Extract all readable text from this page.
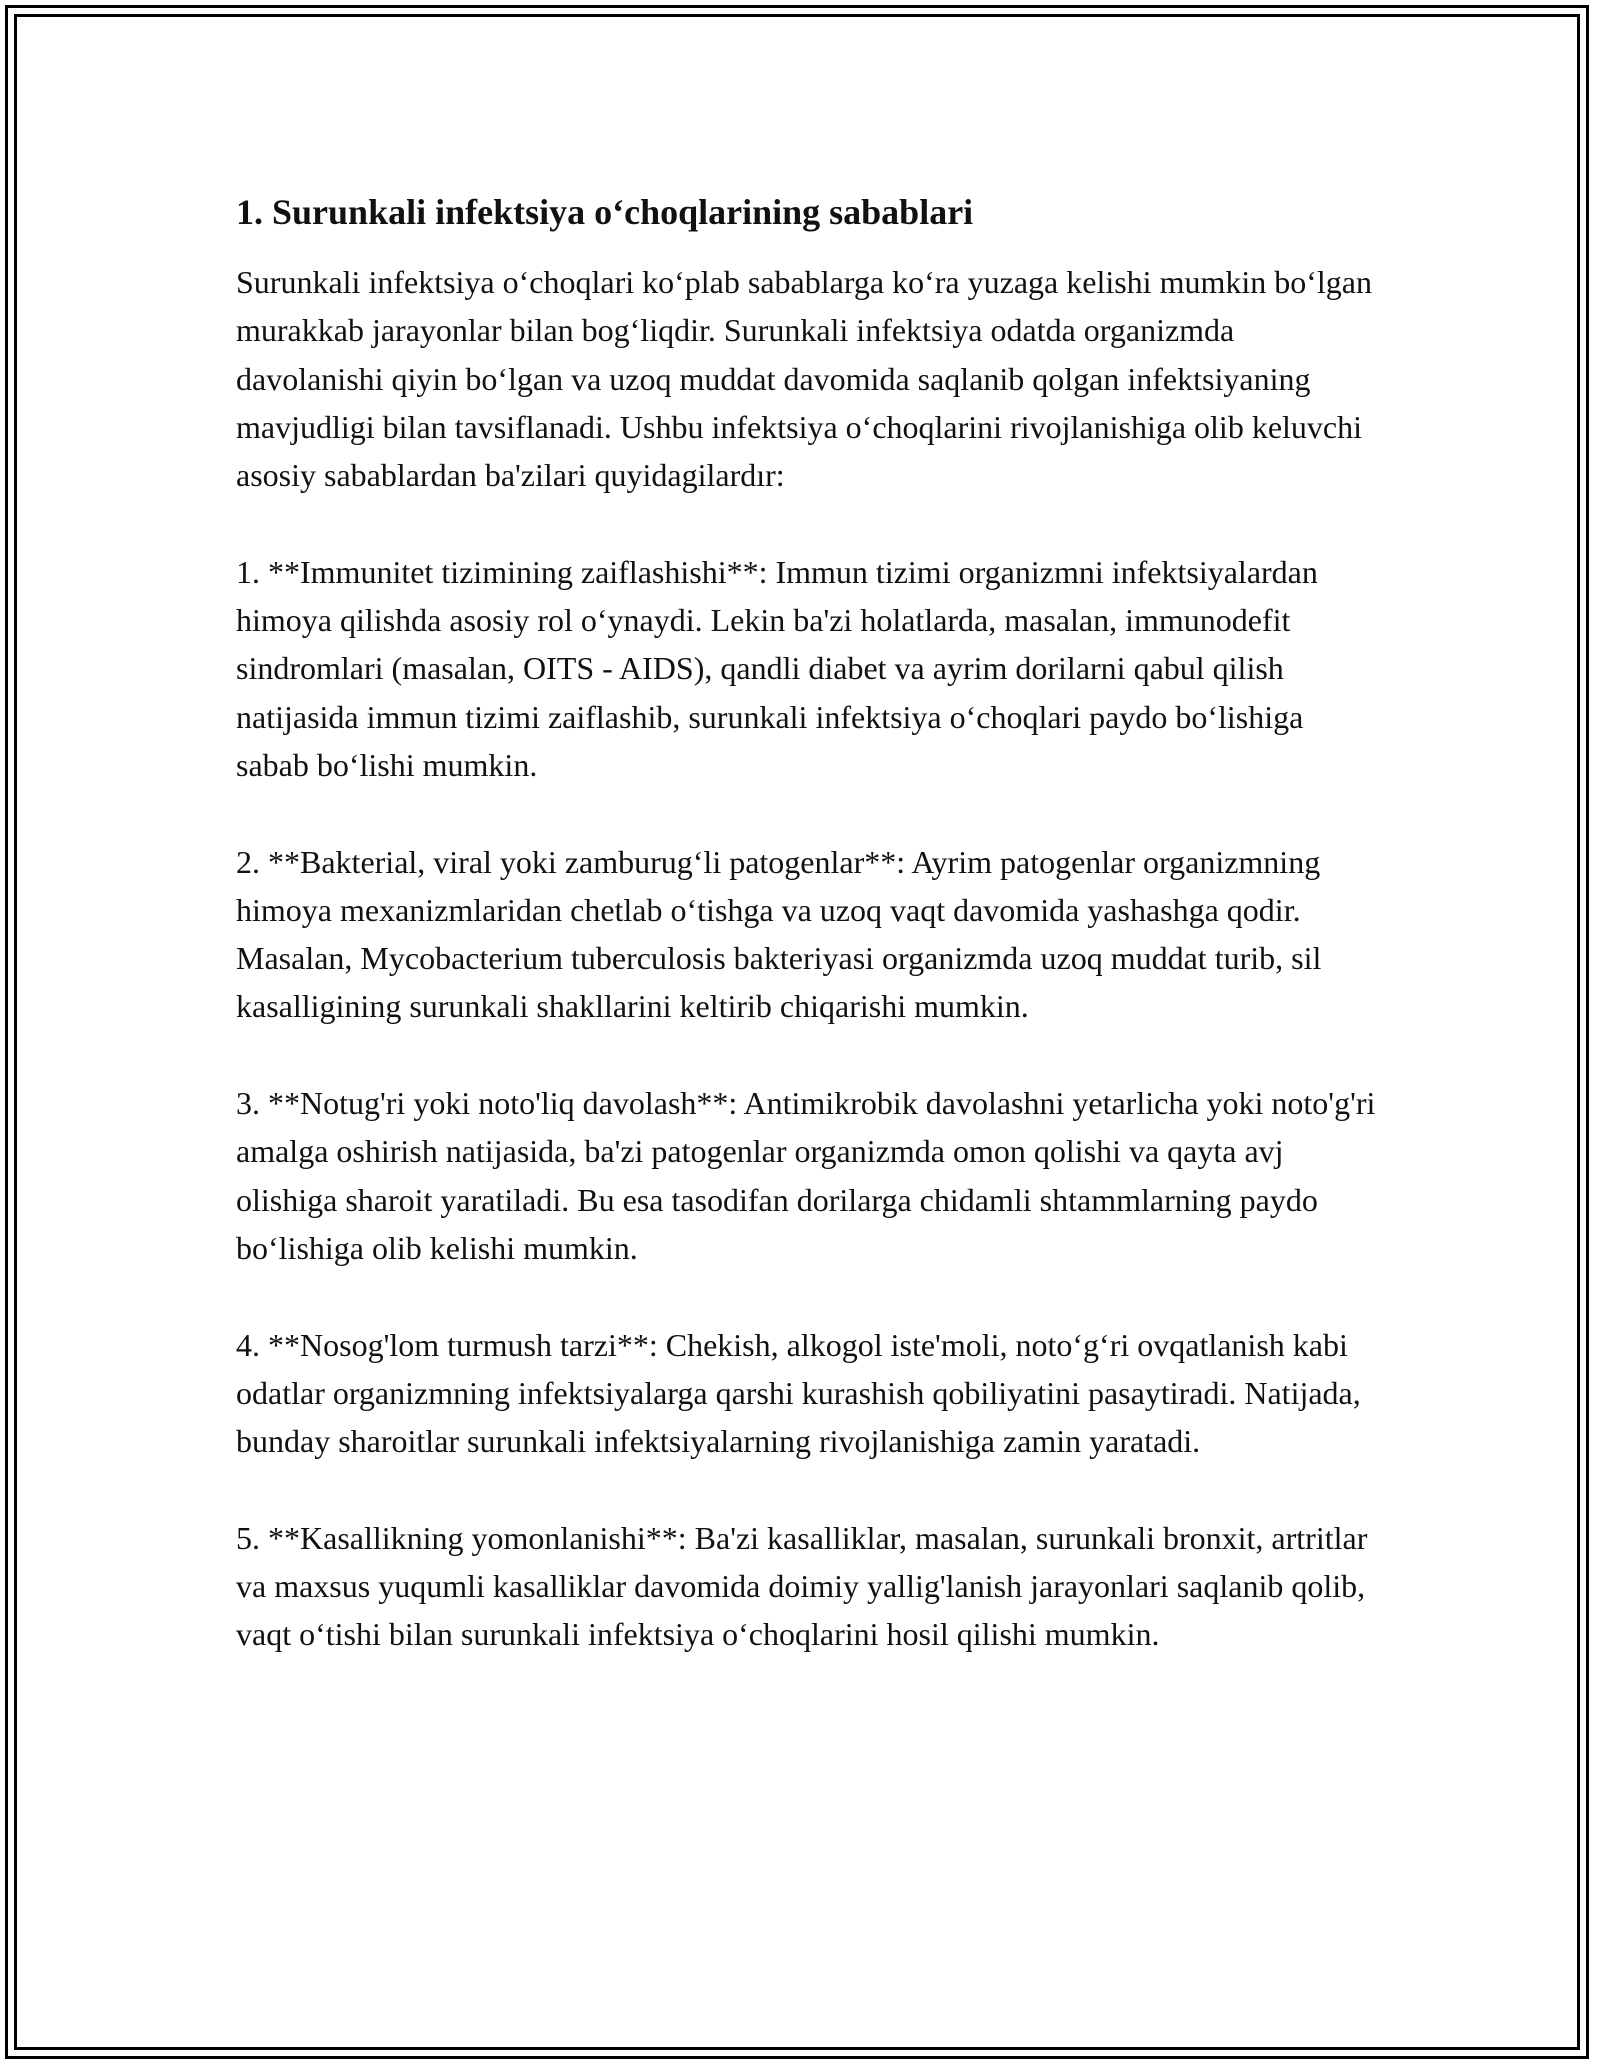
1. Surunkali infektsiya o‘choqlarining sabablari

Surunkali infektsiya o‘choqlari ko‘plab sabablarga ko‘ra yuzaga kelishi mumkin bo‘lgan murakkab jarayonlar bilan bog‘liqdir. Surunkali infektsiya odatda organizmda davolanishi qiyin bo‘lgan va uzoq muddat davomida saqlanib qolgan infektsiyaning mavjudligi bilan tavsiflanadi. Ushbu infektsiya o‘choqlarini rivojlanishiga olib keluvchi asosiy sabablardan ba'zilari quyidagilardır:

1. **Immunitet tizimining zaiflashishi**: Immun tizimi organizmni infektsiyalardan himoya qilishda asosiy rol o‘ynaydi. Lekin ba'zi holatlarda, masalan, immunodefit sindromlari (masalan, OITS - AIDS), qandli diabet va ayrim dorilarni qabul qilish natijasida immun tizimi zaiflashib, surunkali infektsiya o‘choqlari paydo bo‘lishiga sabab bo‘lishi mumkin.

2. **Bakterial, viral yoki zamburug‘li patogenlar**: Ayrim patogenlar organizmning himoya mexanizmlaridan chetlab o‘tishga va uzoq vaqt davomida yashashga qodir. Masalan, Mycobacterium tuberculosis bakteriyasi organizmda uzoq muddat turib, sil kasalligining surunkali shakllarini keltirib chiqarishi mumkin.

3. **Notug'ri yoki noto'liq davolash**: Antimikrobik davolashni yetarlicha yoki noto'g'ri amalga oshirish natijasida, ba'zi patogenlar organizmda omon qolishi va qayta avj olishiga sharoit yaratiladi. Bu esa tasodifan dorilarga chidamli shtammlarning paydo bo‘lishiga olib kelishi mumkin.

4. **Nosog'lom turmush tarzi**: Chekish, alkogol iste'moli, noto‘g‘ri ovqatlanish kabi odatlar organizmning infektsiyalarga qarshi kurashish qobiliyatini pasaytiradi. Natijada, bunday sharoitlar surunkali infektsiyalarning rivojlanishiga zamin yaratadi.

5. **Kasallikning yomonlanishi**: Ba'zi kasalliklar, masalan, surunkali bronxit, artritlar va maxsus yuqumli kasalliklar davomida doimiy yallig'lanish jarayonlari saqlanib qolib, vaqt o‘tishi bilan surunkali infektsiya o‘choqlarini hosil qilishi mumkin.
